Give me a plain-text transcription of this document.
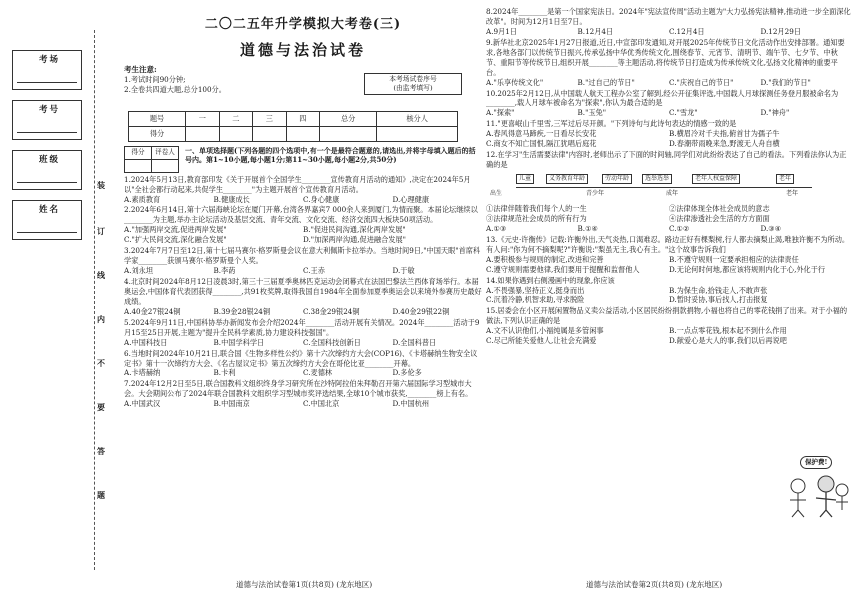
考场
考号
班级
姓名
装
订
线
内
不
要
答
题
二〇二五年升学模拟大考卷(三)
道德与法治试卷

考生注意:

1.考试时间90分钟;

2.全卷共四道大题,总分100分。

本考场试卷序号
(由监考填写)
题号	一	二	三	四	总分	核分人
得分						
得分	评卷人
	一、单项选择题(下列各题的四个选项中,有一个是最符合题意的,请选出,并将字母填入题后的括号内。第1~10小题,每小题1分;第11~30小题,每小题2分,共50分)

1.2024年5月13日,教育部印发《关于开展首个全国学生________宣传教育月活动的通知》,决定在2024年5月以"全社会都行动起来,共促学生________"为主题开展首个宣传教育月活动。

A.素质教育	B.健康成长	C.身心健康	D.心理健康

2.2024年6月14日,第十六届海峡论坛在厦门开幕,台湾各界嘉宾7 000余人来到厦门,为情而聚。本届论坛继续以________为主题,举办主论坛活动及基层交流、青年交流、文化交流、经济交流四大板块50项活动。

A."加强两岸交流,促进两岸发展"	B."促进民间沟通,深化两岸发展"
C."扩大民间交流,深化融合发展"	D."加深两岸沟通,促进融合发展"

3.2024年7月7日至12日,第十七届马赛尔·格罗斯曼会议在意大利佩斯卡拉举办。当地时间9日,"中国天眼"首席科学家________获颁马赛尔·格罗斯曼个人奖。

A.刘永坦	B.李菂	C.王赤	D.于敏

4.北京时间2024年8月12日凌晨3时,第三十三届夏季奥林匹克运动会闭幕式在法国巴黎法兰西体育场举行。本届奥运会,中国体育代表团获得________,共91枚奖牌,取得我国自1984年全面参加夏季奥运会以来境外参赛历史最好成绩。

A.40金27银24铜	B.39金28银24铜	C.38金29银24铜	D.40金29银22铜

5.2024年9月11日,中国科协举办新闻发布会介绍2024年________活动开展有关情况。2024年________活动于9月15至25日开展,主题为"提升全民科学素质,协力建设科技强国"。

A.中国科技日	B.中国学科学日	C.全国科技创新日	D.全国科普日

6.当地时间2024年10月21日,联合国《生物多样性公约》第十六次缔约方大会(COP16)、《卡塔赫纳生物安全议定书》第十一次缔约方大会、《名古屋议定书》第五次缔约方大会在哥伦比亚________开幕。

A.卡塔赫纳	B.卡利	C.麦德林	D.多伦多

7.2024年12月2日至5日,联合国教科文组织终身学习研究所在沙特阿拉伯朱拜勒召开第六届国际学习型城市大会。大会期间公布了2024年联合国教科文组织学习型城市奖评选结果,全球10个城市获奖,________榜上有名。

A.中国武汉	B.中国南京	C.中国北京	D.中国杭州

8.2024年________是第一个国家宪法日。2024年"宪法宣传周"活动主题为"大力弘扬宪法精神,推动进一步全面深化改革"。时间为12月1日至7日。

A.9月1日	B.12月4日	C.12月4日	D.12月29日

9.新华社北京2025年1月27日报道,近日,中宣部印发通知,对开展2025年传统节日文化活动作出安排部署。通知要求,各地各部门以传统节日振兴,传承弘扬中华优秀传统文化,围绕春节、元宵节、清明节、端午节、七夕节、中秋节、重阳节等传统节日,组织开展________等主题活动,将传统节日打造成为传承传统文化,弘扬文化精神的重要平台。

A."乐享传统文化"	B."过自己的节日"	C."庆祝自己的节日"	D."我们的节日"

10.2025年2月12日,从中国载人航天工程办公室了解到,经公开征集评选,中国载人月球探测任务登月服被命名为________,载人月球车被命名为"探索",你认为最合适的是

A."探索"	B."玉兔"	C."雪龙"	D."神舟"

11."更喜岷山千里雪,三军过后尽开颜。"下列诗句与此诗句表达的情感一致的是

A.春风得意马蹄疾,一日看尽长安花	B.横眉冷对千夫指,俯首甘为孺子牛
C.商女不知亡国恨,隔江犹唱后庭花	D.春潮带雨晚来急,野渡无人舟自横

12.在学习"生活需要法律"内容时,老师出示了下面的时间轴,同学们对此纷纷表达了自己的看法。下列看法你认为正确的是

儿童	义务教育年龄	劳动年龄	选举选举	老年人权益保障	老年
出生	青少年	成年	老年
①法律伴随着我们每个人的一生	②法律体现全体社会成员的意志
③法律规范社会成员的所有行为	④法律渗透社会生活的方方面面
A.①③	B.①④	C.①②	D.③④

13.《元史·许衡传》记载:许衡外出,天气炎热,口渴难忍。路边正好有棵梨树,行人都去摘梨止渴,唯独许衡不为所动。有人问:"你为何不摘梨呢?"许衡说:"梨虽无主,我心有主。"这个故事告诉我们

A.要积极参与规则的制定,改进和完善	B.不遵守规则一定要承担相应的法律责任
C.遵守规则需要他律,我们要用于提醒和监督他人	D.无论何时何地,都应该将规则内化于心,外化于行

14.如果你遇到右侧漫画中的现象,你应该

A.不畏强暴,坚持正义,挺身而出	B.为保生命,拾钱走人,不敢声张
C.沉着冷静,机智求助,寻求脱险	D.暂时妥协,事后找人,打击报复

15.居委会在小区开展闲置物品义卖公益活动,小区居民纷纷捐款捐物,小福也将自己的零花钱捐了出来。对于小福的做法,下列认识正确的是

A.文不认识他们,小福纯属是多管闲事	B.一点点零花钱,根本起不到什么作用
C.尽己所能关爱他人,让社会充满爱	D.献爱心是大人的事,我们以后再说吧
保护费!
道德与法治试卷第1页(共8页) (龙东地区)	道德与法治试卷第2页(共8页) (龙东地区)
